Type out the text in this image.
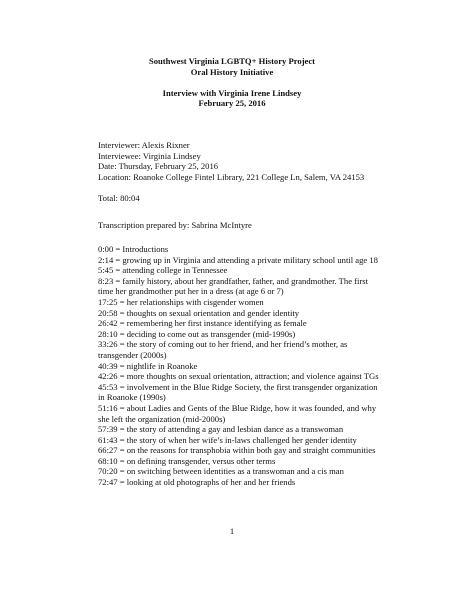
Southwest Virginia LGBTQ+ History Project
Oral History Initiative
Interview with Virginia Irene Lindsey
February 25, 2016
Interviewer: Alexis Rixner
Interviewee: Virginia Lindsey
Date: Thursday, February 25, 2016
Location: Roanoke College Fintel Library, 221 College Ln, Salem, VA 24153
Total: 80:04
Transcription prepared by: Sabrina McIntyre
0:00 = Introductions
2:14 = growing up in Virginia and attending a private military school until age 18
5:45 = attending college in Tennessee
8:23 = family history, about her grandfather, father, and grandmother. The first time her grandmother put her in a dress (at age 6 or 7)
17:25 = her relationships with cisgender women
20:58 = thoughts on sexual orientation and gender identity
26:42 = remembering her first instance identifying as female
28:10 = deciding to come out as transgender (mid-1990s)
33:26 = the story of coming out to her friend, and her friend’s mother, as transgender (2000s)
40:39 = nightlife in Roanoke
42:26 = more thoughts on sexual orientation, attraction; and violence against TGs
45:53 = involvement in the Blue Ridge Society, the first transgender organization in Roanoke (1990s)
51:16 = about Ladies and Gents of the Blue Ridge, how it was founded, and why she left the organization (mid-2000s)
57:39 = the story of attending a gay and lesbian dance as a transwoman
61:43 = the story of when her wife’s in-laws challenged her gender identity
66:27 = on the reasons for transphobia within both gay and straight communities
68:10 = on defining transgender, versus other terms
70:20 = on switching between identities as a transwoman and a cis man
72:47 = looking at old photographs of her and her friends
1
